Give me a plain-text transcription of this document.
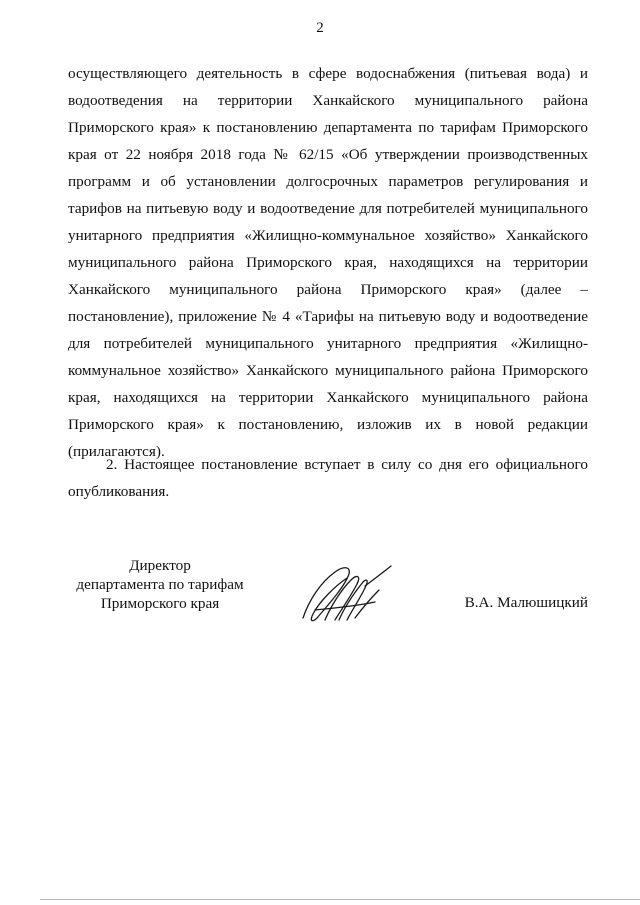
2
осуществляющего деятельность в сфере водоснабжения (питьевая вода) и
водоотведения на территории Ханкайского муниципального района
Приморского края» к постановлению департамента по тарифам Приморского
края от 22 ноября 2018 года № 62/15 «Об утверждении производственных
программ и об установлении долгосрочных параметров регулирования и
тарифов на питьевую воду и водоотведение для потребителей муниципального
унитарного предприятия «Жилищно-коммунальное хозяйство» Ханкайского
муниципального района Приморского края, находящихся на территории
Ханкайского муниципального района Приморского края» (далее –
постановление), приложение № 4 «Тарифы на питьевую воду и водоотведение
для потребителей муниципального унитарного предприятия «Жилищно-
коммунальное хозяйство» Ханкайского муниципального района Приморского
края, находящихся на территории Ханкайского муниципального района
Приморского края» к постановлению, изложив их в новой редакции
(прилагаются).
2. Настоящее постановление вступает в силу со дня его официального
опубликования.
Директор
департамента по тарифам
Приморского края	В.А. Малюшицкий
